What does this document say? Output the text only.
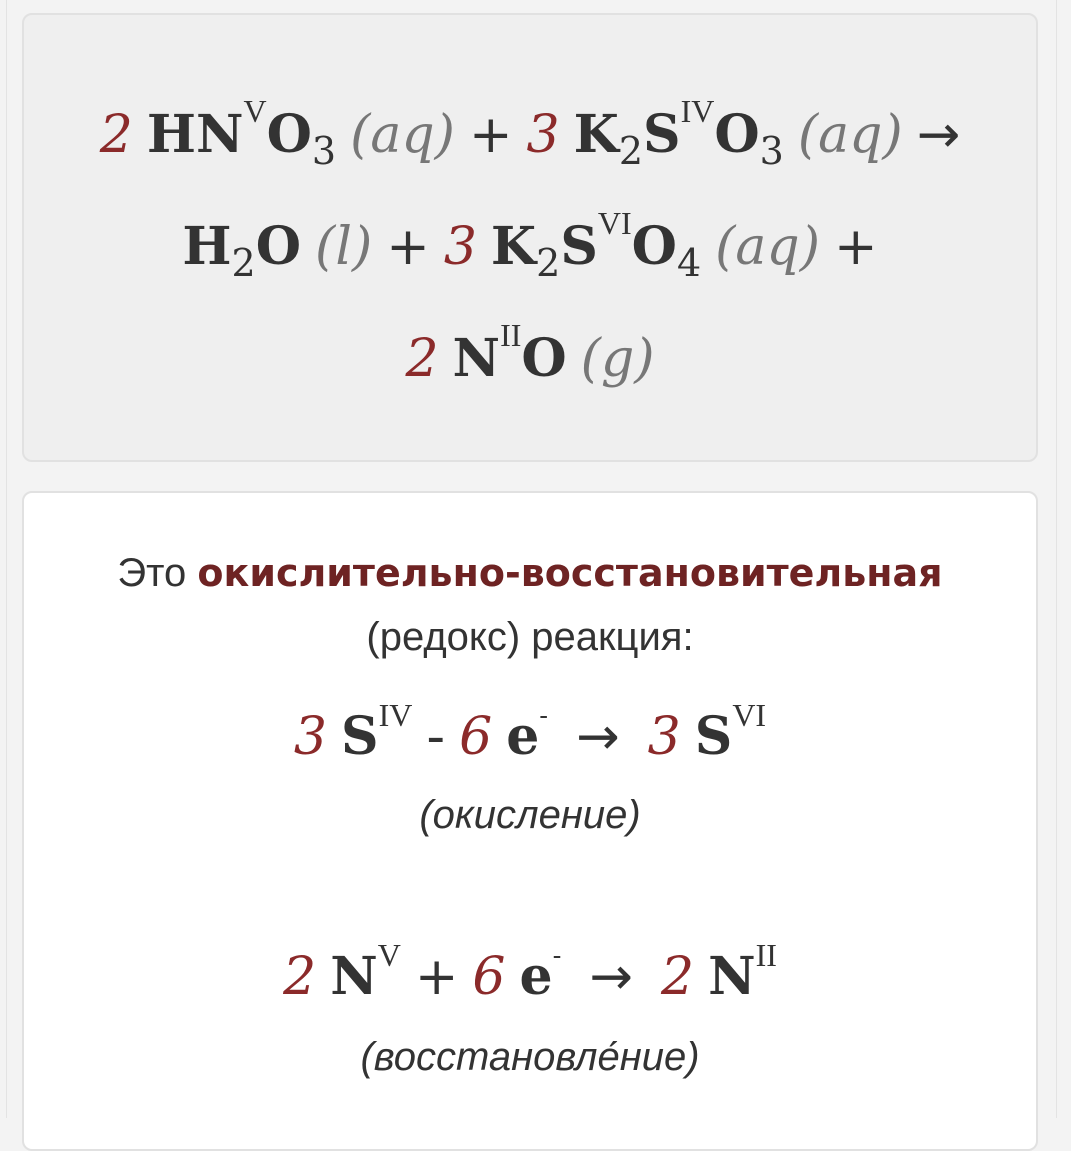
2 $HN^VO_3$ (aq) + 3 $K_2S^{IV}O_3$ (aq) →
$H_2O$ (l) + 3 $K_2S^{VI}O_4$ (aq) +
2 $N^{II}O$ (g)
Это окислительно-восстановительная
(редокс) реакция:
3 $S^{IV} - 6$ e- → 3 $S^{VI}$
(окисление)
2 $N^V + 6$ e- → 2 $N^{II}$
(восстановле́ние)
